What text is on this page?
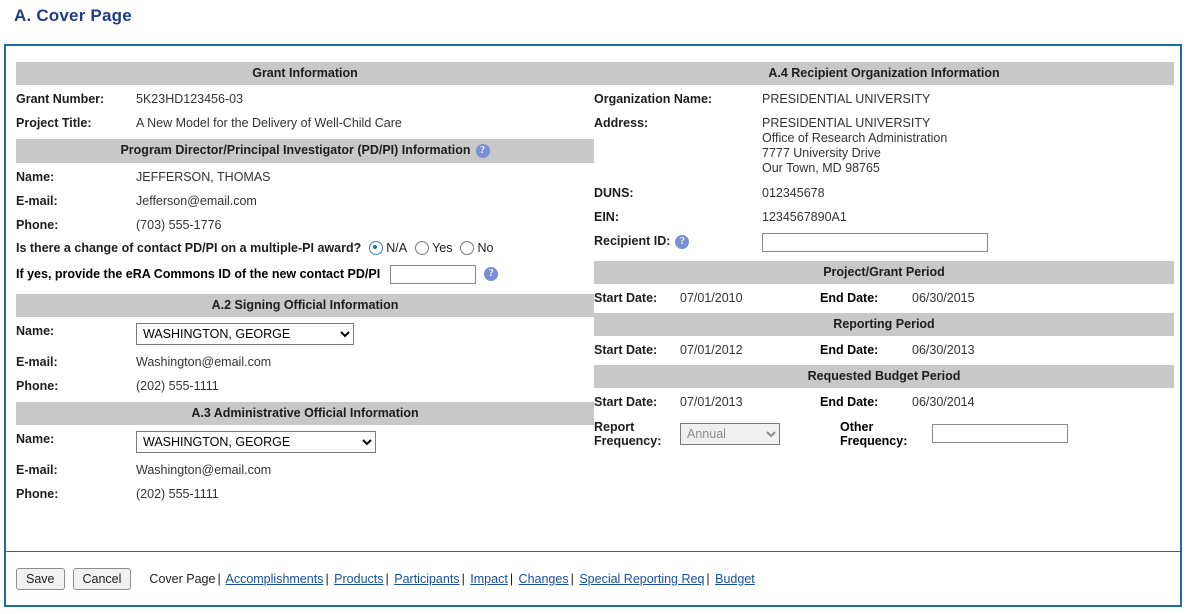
A. Cover Page
Grant Information
Grant Number:	5K23HD123456-03
Project Title:	A New Model for the Delivery of Well-Child Care
Program Director/Principal Investigator (PD/PI) Information ?
Name:	JEFFERSON, THOMAS
E-mail:	Jefferson@email.com
Phone:	(703) 555-1776
Is there a change of contact PD/PI on a multiple-PI award? N/A Yes No
If yes, provide the eRA Commons ID of the new contact PD/PI	?
A.2 Signing Official Information
Name:
WASHINGTON, GEORGE
E-mail:	Washington@email.com
Phone:	(202) 555-1111
A.3 Administrative Official Information
Name:
WASHINGTON, GEORGE
E-mail:	Washington@email.com
Phone:	(202) 555-1111
A.4 Recipient Organization Information
Organization Name:	PRESIDENTIAL UNIVERSITY
Address:	PRESIDENTIAL UNIVERSITY
Office of Research Administration
7777 University Drive
Our Town, MD 98765
DUNS:	012345678
EIN:	1234567890A1
Recipient ID: ?
Project/Grant Period
Start Date:	07/01/2010	End Date:	06/30/2015
Reporting Period
Start Date:	07/01/2012	End Date:	06/30/2013
Requested Budget Period
Start Date:	07/01/2013	End Date:	06/30/2014
Report Frequency:
Annual
Other Frequency:
Save	Cancel	Cover Page | Accomplishments | Products | Participants | Impact | Changes | Special Reporting Req | Budget
